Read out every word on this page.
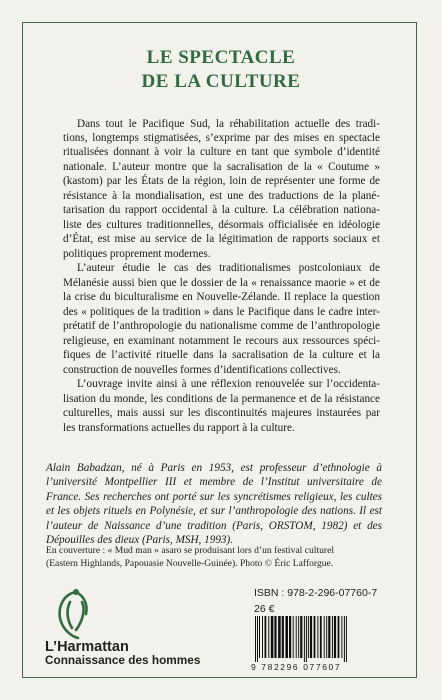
LE SPECTACLE
DE LA CULTURE
Dans tout le Pacifique Sud, la réhabilitation actuelle des tradi-
tions, longtemps stigmatisées, s’exprime par des mises en spectacle
ritualisées donnant à voir la culture en tant que symbole d’identité
nationale. L’auteur montre que la sacralisation de la « Coutume »
(kastom) par les États de la région, loin de représenter une forme de
résistance à la mondialisation, est une des traductions de la plané-
tarisation du rapport occidental à la culture. La célébration nationa-
liste des cultures traditionnelles, désormais officialisée en idéologie
d’État, est mise au service de la légitimation de rapports sociaux et
politiques proprement modernes.
L’auteur étudie le cas des traditionalismes postcoloniaux de
Mélanésie aussi bien que le dossier de la « renaissance maorie » et de
la crise du biculturalisme en Nouvelle-Zélande. Il replace la question
des « politiques de la tradition » dans le Pacifique dans le cadre inter-
prétatif de l’anthropologie du nationalisme comme de l’anthropologie
religieuse, en examinant notamment le recours aux ressources spéci-
fiques de l’activité rituelle dans la sacralisation de la culture et la
construction de nouvelles formes d’identifications collectives.
L’ouvrage invite ainsi à une réflexion renouvelée sur l’occidenta-
lisation du monde, les conditions de la permanence et de la résistance
culturelles, mais aussi sur les discontinuités majeures instaurées par
les transformations actuelles du rapport à la culture.
Alain Babadzan, né à Paris en 1953, est professeur d’ethnologie à
l’université Montpellier III et membre de l’Institut universitaire de
France. Ses recherches ont porté sur les syncrétismes religieux, les cultes
et les objets rituels en Polynésie, et sur l’anthropologie des nations. Il est
l’auteur de Naissance d’une tradition (Paris, ORSTOM, 1982) et des
Dépouilles des dieux (Paris, MSH, 1993).
En couverture : « Mud man » asaro se produisant lors d’un festival culturel
(Eastern Highlands, Papouasie Nouvelle-Guinée). Photo © Éric Lafforgue.
ISBN : 978-2-296-07760-7
26 €
9 782296 077607
L’Harmattan
Connaissance des hommes
